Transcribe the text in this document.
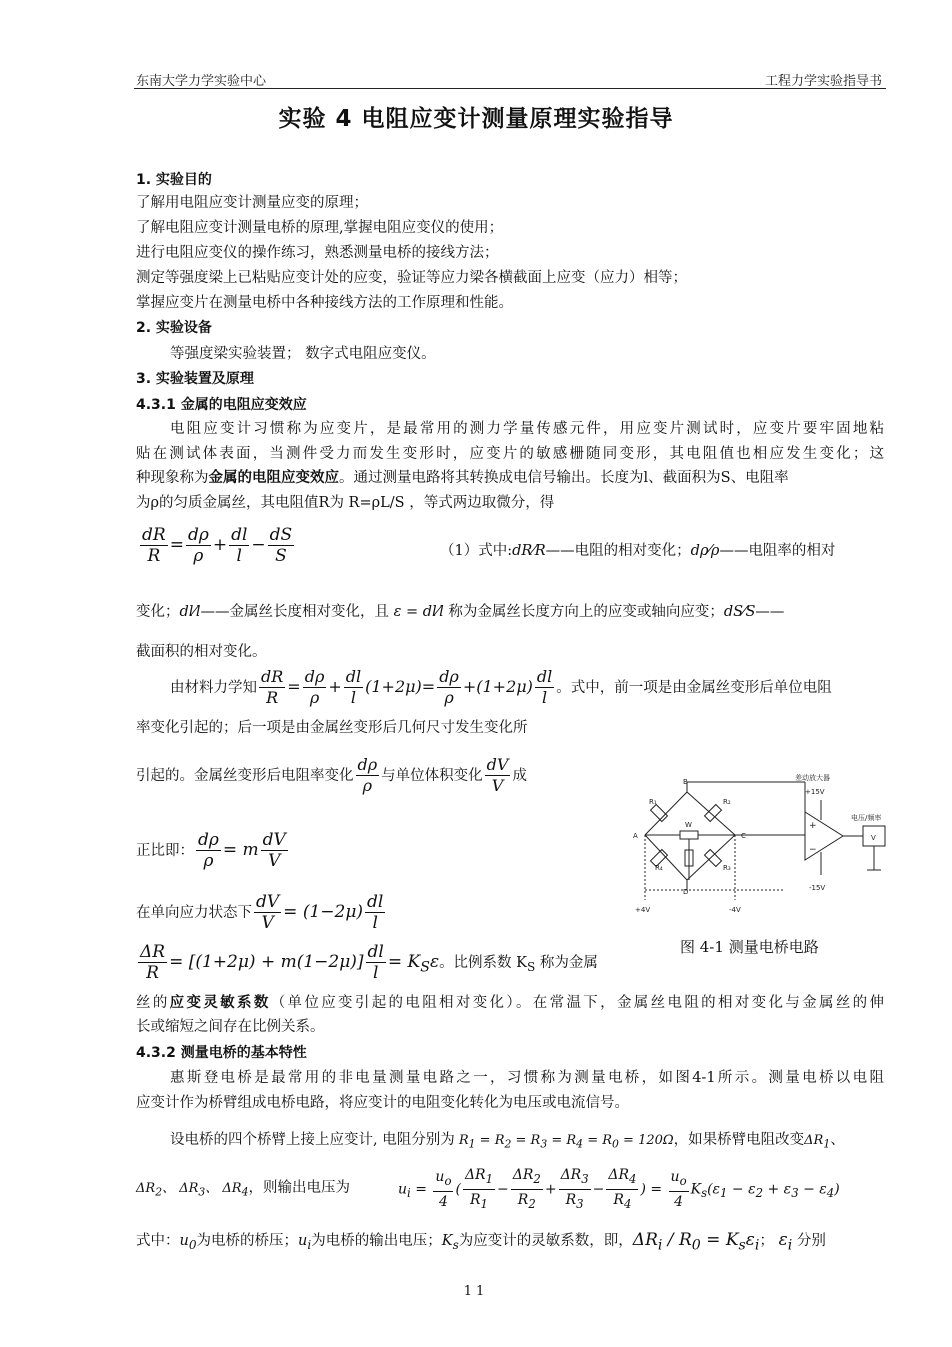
东南大学力学实验中心	工程力学实验指导书
实验 4 电阻应变计测量原理实验指导
1. 实验目的
了解用电阻应变计测量应变的原理；
了解电阻应变计测量电桥的原理,掌握电阻应变仪的使用；
进行电阻应变仪的操作练习，熟悉测量电桥的接线方法；
测定等强度梁上已粘贴应变计处的应变，验证等应力梁各横截面上应变（应力）相等；
掌握应变片在测量电桥中各种接线方法的工作原理和性能。
2. 实验设备
等强度梁实验装置； 数字式电阻应变仪。
3. 实验装置及原理
4.3.1 金属的电阻应变效应
电阻应变计习惯称为应变片，是最常用的测力学量传感元件，用应变片测试时，应变片要牢固地粘
贴在测试体表面，当测件受力而发生变形时，应变片的敏感栅随同变形，其电阻值也相应发生变化；这
种现象称为金属的电阻应变效应。通过测量电路将其转换成电信号输出。长度为l、截面积为S、电阻率
为ρ的匀质金属丝，其电阻值R为 R=ρL/S ，等式两边取微分，得
$\frac{dR}{R} = \frac{d\rho}{\rho} + \frac{dl}{l} - \frac{dS}{S}$	（1）式中:dR⁄R——电阻的相对变化；dρ⁄ρ——电阻率的相对
变化；dl⁄l——金属丝长度相对变化，且 ε = dl⁄l 称为金属丝长度方向上的应变或轴向应变；dS⁄S——
截面积的相对变化。
由材料力学知 $\frac{dR}{R} = \frac{d\rho}{\rho} + \frac{dl}{l} (1+2\mu)= \frac{d\rho}{\rho} +(1+2\mu) \frac{dl}{l}$ 。式中，前一项是由金属丝变形后单位电阻
率变化引起的；后一项是由金属丝变形后几何尺寸发生变化所
引起的。金属丝变形后电阻率变化 $\frac{d\rho}{\rho}$ 与单位体积变化 $\frac{dV}{V}$ 成
正比即： $\frac{d\rho}{\rho} = m \frac{dV}{V}$
在单向应力状态下 $\frac{dV}{V} = (1-2\mu) \frac{dl}{l}$
$\frac{\Delta R}{R} = [(1+2\mu) + m(1-2\mu)] \frac{dl}{l} = K_S\varepsilon$。比例系数 $K_S$ 称为金属
丝的应变灵敏系数（单位应变引起的电阻相对变化）。在常温下，金属丝电阻的相对变化与金属丝的伸
长或缩短之间存在比例关系。
4.3.2 测量电桥的基本特性
惠斯登电桥是最常用的非电量测量电路之一，习惯称为测量电桥，如图4-1所示。测量电桥以电阻
应变计作为桥臂组成电桥电路，将应变计的电阻变化转化为电压或电流信号。
设电桥的四个桥臂上接上应变计, 电阻分别为 $R_1 = R_2 = R_3 = R_4 = R_0 = 120\Omega$，如果桥臂电阻改变$\Delta R_1$、
$\Delta R_2$、 $\Delta R_3$、 $\Delta R_4$，则输出电压为	$u_i = \frac{u_o}{4}$ ( $\frac{\Delta R_1}{R_1} - \frac{\Delta R_2}{R_2} + \frac{\Delta R_3}{R_3} - \frac{\Delta R_4}{R_4}$ ) = $\frac{u_o}{4} K_s(\varepsilon_1 - \varepsilon_2 + \varepsilon_3 - \varepsilon_4)$
式中：$u_0$为电桥的桥压；$u_i$为电桥的输出电压；$K_s$为应变计的灵敏系数，即，$\Delta R_i / R_0 = K_s\varepsilon_i$； $\varepsilon_i$ 分别
B
A	C
D
R₁	R₂
R₄	R₃
W
差动放大器
+15V
-15V
电压/频率
V
+4V	-4V
+
−
图 4-1 测量电桥电路
11
